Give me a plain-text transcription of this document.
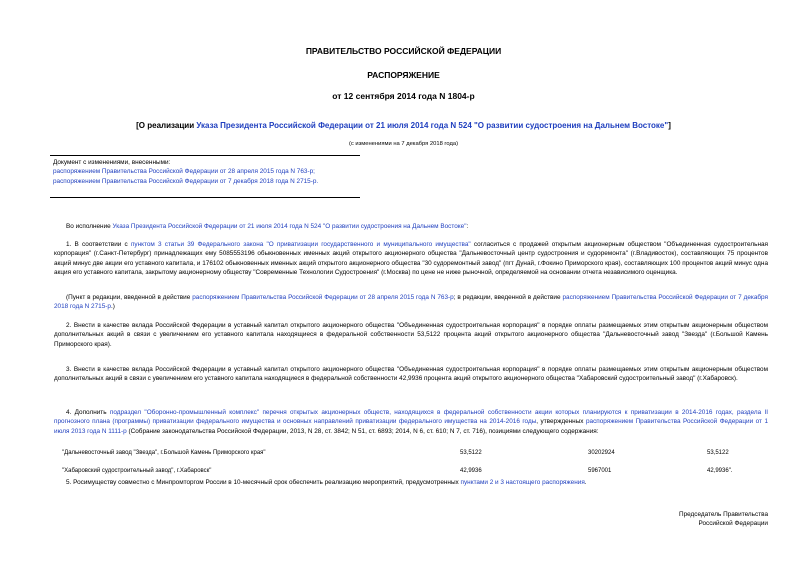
ПРАВИТЕЛЬСТВО РОССИЙСКОЙ ФЕДЕРАЦИИ
РАСПОРЯЖЕНИЕ
от 12 сентября 2014 года N 1804-р
[О реализации Указа Президента Российской Федерации от 21 июля 2014 года N 524 "О развитии судостроения на Дальнем Востоке"]
(с изменениями на 7 декабря 2018 года)
Документ с изменениями, внесенными:
распоряжением Правительства Российской Федерации от 28 апреля 2015 года N 763-р;
распоряжением Правительства Российской Федерации от 7 декабря 2018 года N 2715-р.
Во исполнение Указа Президента Российской Федерации от 21 июля 2014 года N 524 "О развитии судостроения на Дальнем Востоке":
1. В соответствии с пунктом 3 статьи 39 Федерального закона "О приватизации государственного и муниципального имущества" согласиться с продажей открытым акционерным обществом "Объединенная судостроительная корпорация" (г.Санкт-Петербург) принадлежащих ему 5085553196 обыкновенных именных акций открытого акционерного общества "Дальневосточный центр судостроения и судоремонта" (г.Владивосток), составляющих 75 процентов акций минус две акции его уставного капитала, и 176102 обыкновенных именных акций открытого акционерного общества "30 судоремонтный завод" (пгт Дунай, г.Фокино Приморского края), составляющих 100 процентов акций минус одна акция его уставного капитала, закрытому акционерному обществу "Современные Технологии Судостроения" (г.Москва) по цене не ниже рыночной, определяемой на основании отчета независимого оценщика.
(Пункт в редакции, введенной в действие распоряжением Правительства Российской Федерации от 28 апреля 2015 года N 763-р; в редакции, введенной в действие распоряжением Правительства Российской Федерации от 7 декабря 2018 года N 2715-р.)
2. Внести в качестве вклада Российской Федерации в уставный капитал открытого акционерного общества "Объединенная судостроительная корпорация" в порядке оплаты размещаемых этим открытым акционерным обществом дополнительных акций в связи с увеличением его уставного капитала находящиеся в федеральной собственности 53,5122 процента акций открытого акционерного общества "Дальневосточный завод "Звезда" (г.Большой Камень Приморского края).
3. Внести в качестве вклада Российской Федерации в уставный капитал открытого акционерного общества "Объединенная судостроительная корпорация" в порядке оплаты размещаемых этим открытым акционерным обществом дополнительных акций в связи с увеличением его уставного капитала находящиеся в федеральной собственности 42,9936 процента акций открытого акционерного общества "Хабаровский судостроительный завод" (г.Хабаровск).
4. Дополнить подраздел "Оборонно-промышленный комплекс" перечня открытых акционерных обществ, находящихся в федеральной собственности акции которых планируются к приватизации в 2014-2016 годах, раздела II прогнозного плана (программы) приватизации федерального имущества и основных направлений приватизации федерального имущества на 2014-2016 годы, утвержденных распоряжением Правительства Российской Федерации от 1 июля 2013 года N 1111-р (Собрание законодательства Российской Федерации, 2013, N 28, ст. 3842; N 51, ст. 6893; 2014, N 6, ст. 610; N 7, ст. 716), позициями следующего содержания:
"Дальневосточный завод "Звезда", г.Большой Камень Приморского края"	53,5122	30202924	53,5122
"Хабаровский судостроительный завод", г.Хабаровск"	42,9936	5967001	42,9936".
5. Росимуществу совместно с Минпромторгом России в 10-месячный срок обеспечить реализацию мероприятий, предусмотренных пунктами 2 и 3 настоящего распоряжения.
Председатель Правительства
Российской Федерации
